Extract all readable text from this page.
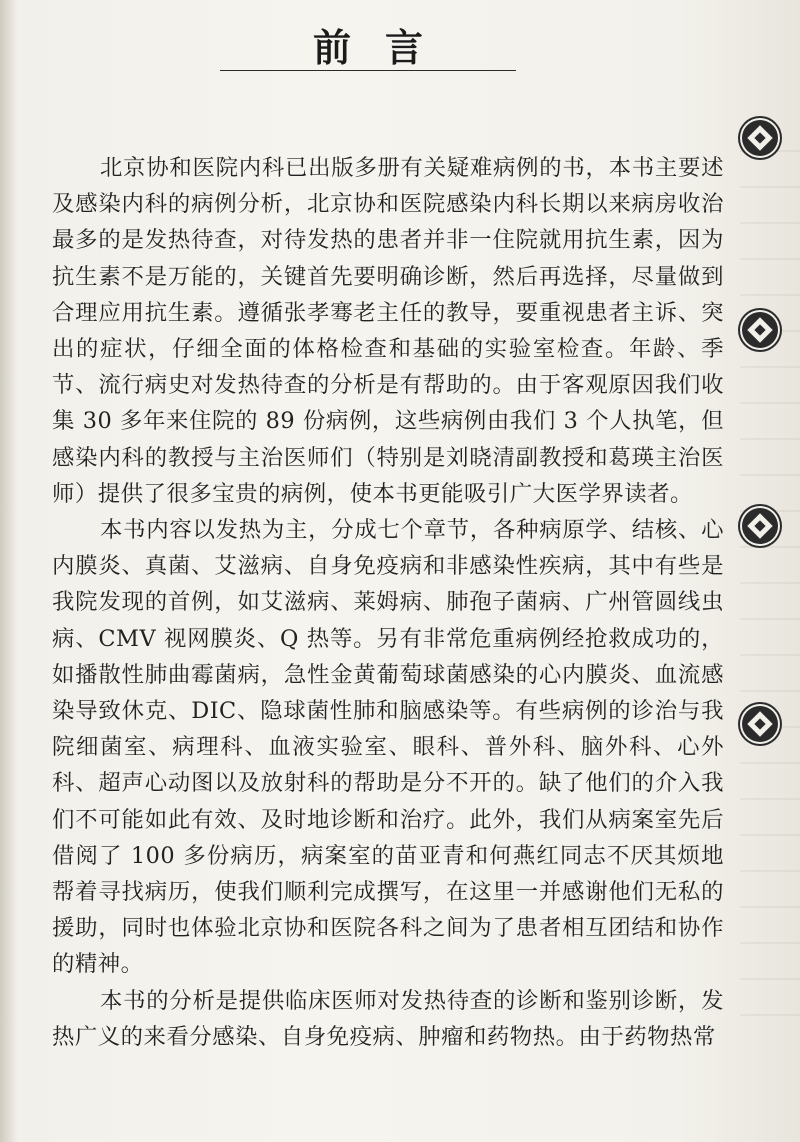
前言

北京协和医院内科已出版多册有关疑难病例的书，本书主要述及感染内科的病例分析，北京协和医院感染内科长期以来病房收治最多的是发热待查，对待发热的患者并非一住院就用抗生素，因为抗生素不是万能的，关键首先要明确诊断，然后再选择，尽量做到合理应用抗生素。遵循张孝骞老主任的教导，要重视患者主诉、突出的症状，仔细全面的体格检查和基础的实验室检查。年龄、季节、流行病史对发热待查的分析是有帮助的。由于客观原因我们收集 30 多年来住院的 89 份病例，这些病例由我们 3 个人执笔，但感染内科的教授与主治医师们（特别是刘晓清副教授和葛瑛主治医师）提供了很多宝贵的病例，使本书更能吸引广大医学界读者。

本书内容以发热为主，分成七个章节，各种病原学、结核、心内膜炎、真菌、艾滋病、自身免疫病和非感染性疾病，其中有些是我院发现的首例，如艾滋病、莱姆病、肺孢子菌病、广州管圆线虫病、CMV 视网膜炎、Q 热等。另有非常危重病例经抢救成功的，如播散性肺曲霉菌病，急性金黄葡萄球菌感染的心内膜炎、血流感染导致休克、DIC、隐球菌性肺和脑感染等。有些病例的诊治与我院细菌室、病理科、血液实验室、眼科、普外科、脑外科、心外科、超声心动图以及放射科的帮助是分不开的。缺了他们的介入我们不可能如此有效、及时地诊断和治疗。此外，我们从病案室先后借阅了 100 多份病历，病案室的苗亚青和何燕红同志不厌其烦地帮着寻找病历，使我们顺利完成撰写，在这里一并感谢他们无私的援助，同时也体验北京协和医院各科之间为了患者相互团结和协作的精神。

本书的分析是提供临床医师对发热待查的诊断和鉴别诊断，发热广义的来看分感染、自身免疫病、肿瘤和药物热。由于药物热常
